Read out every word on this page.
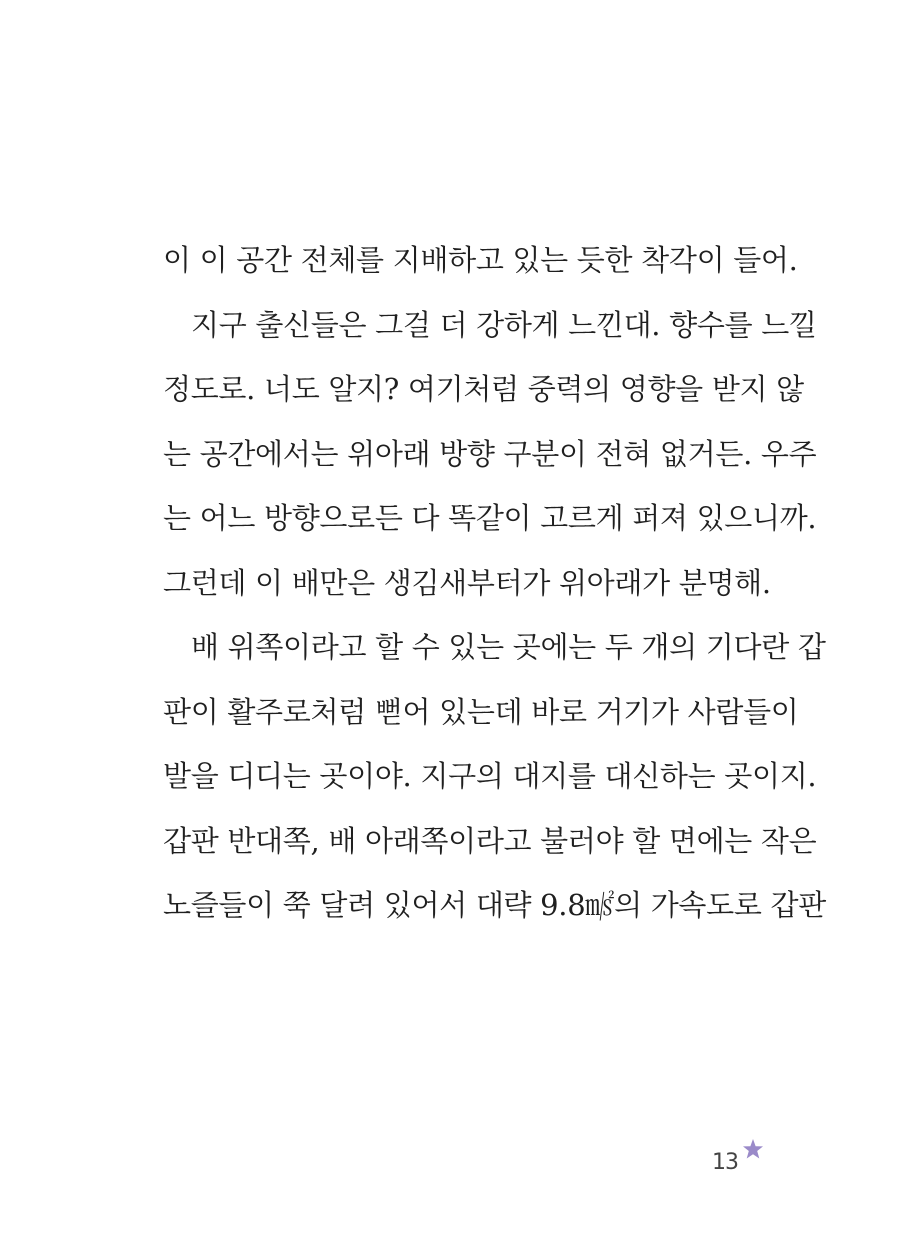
이 이 공간 전체를 지배하고 있는 듯한 착각이 들어.
지구 출신들은 그걸 더 강하게 느낀대. 향수를 느낄
정도로. 너도 알지? 여기처럼 중력의 영향을 받지 않
는 공간에서는 위아래 방향 구분이 전혀 없거든. 우주
는 어느 방향으로든 다 똑같이 고르게 퍼져 있으니까.
그런데 이 배만은 생김새부터가 위아래가 분명해.
배 위쪽이라고 할 수 있는 곳에는 두 개의 기다란 갑
판이 활주로처럼 뻗어 있는데 바로 거기가 사람들이
발을 디디는 곳이야. 지구의 대지를 대신하는 곳이지.
갑판 반대쪽, 배 아래쪽이라고 불러야 할 면에는 작은
노즐들이 쭉 달려 있어서 대략 9.8㎨의 가속도로 갑판
13
